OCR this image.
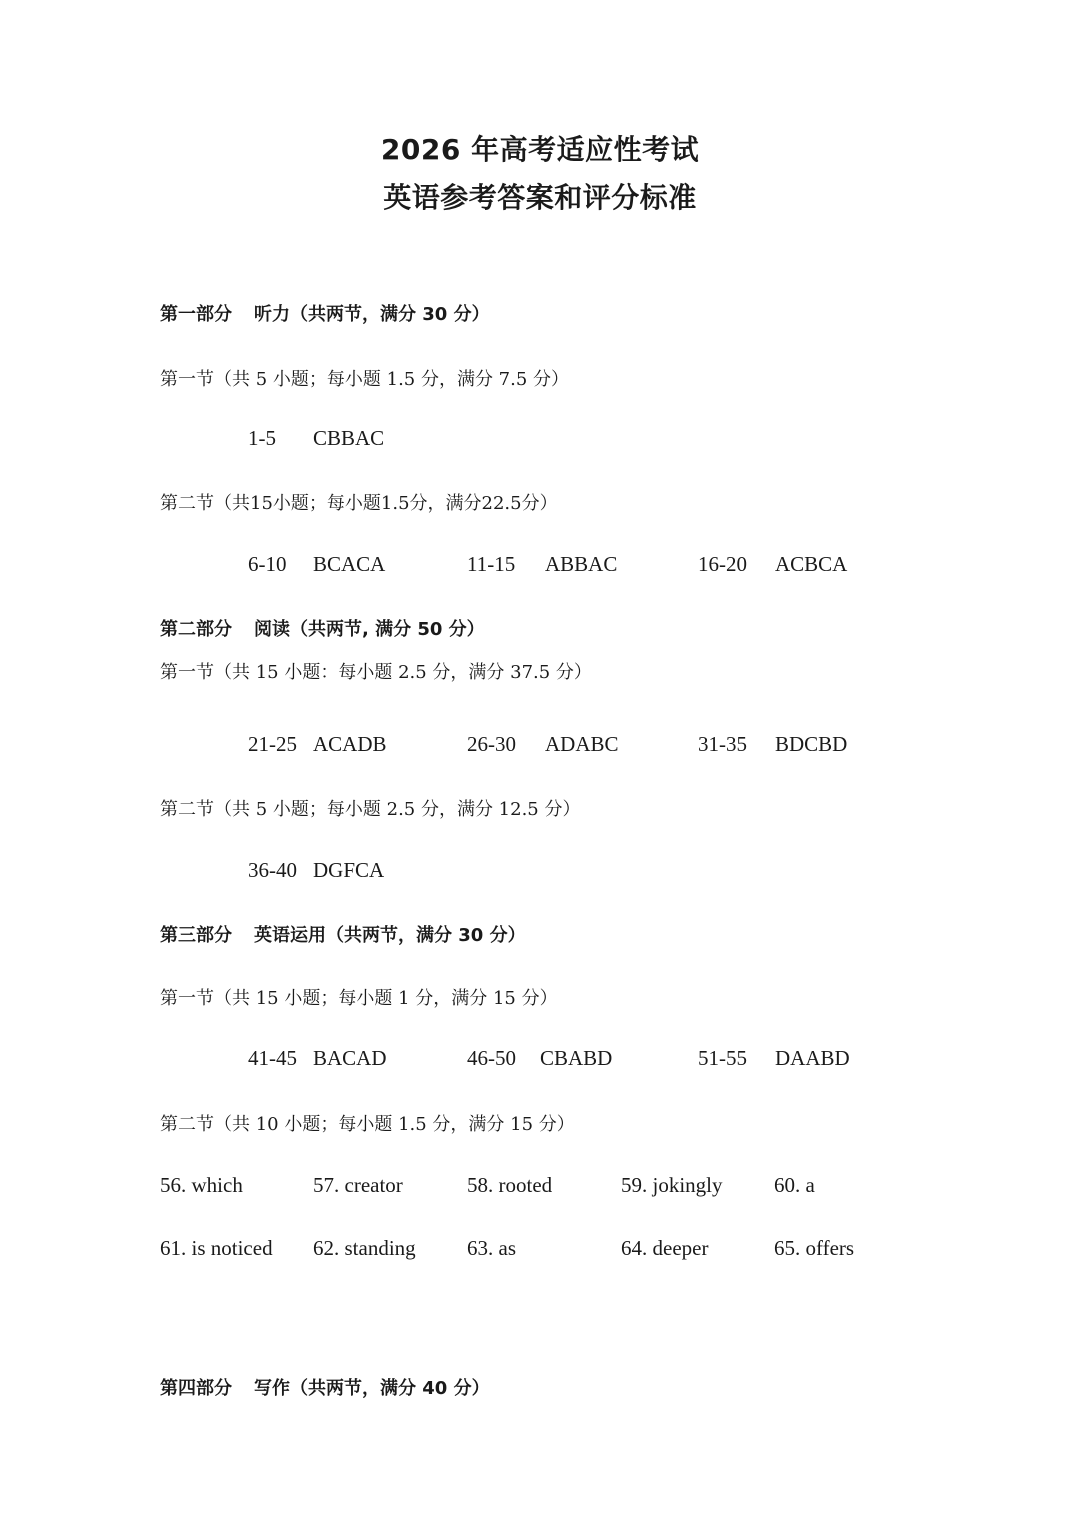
2026 年高考适应性考试
英语参考答案和评分标准
第一部分 听力（共两节，满分 30 分）
第一节（共 5 小题；每小题 1.5 分，满分 7.5 分）
1-5 CBBAC
第二节（共15小题；每小题1.5分，满分22.5分）
6-10 BCACA	11-15 ABBAC	16-20 ACBCA
第二部分 阅读（共两节, 满分 50 分）
第一节（共 15 小题：每小题 2.5 分，满分 37.5 分）
21-25 ACADB	26-30 ADABC	31-35 BDCBD
第二节（共 5 小题；每小题 2.5 分，满分 12.5 分）
36-40 DGFCA
第三部分 英语运用（共两节，满分 30 分）
第一节（共 15 小题；每小题 1 分，满分 15 分）
41-45 BACAD	46-50 CBABD	51-55 DAABD
第二节（共 10 小题；每小题 1.5 分，满分 15 分）
56. which	57. creator	58. rooted	59. jokingly 60. a
61. is noticed 62. standing 63. as	64. deeper	65. offers
第四部分 写作（共两节，满分 40 分）
